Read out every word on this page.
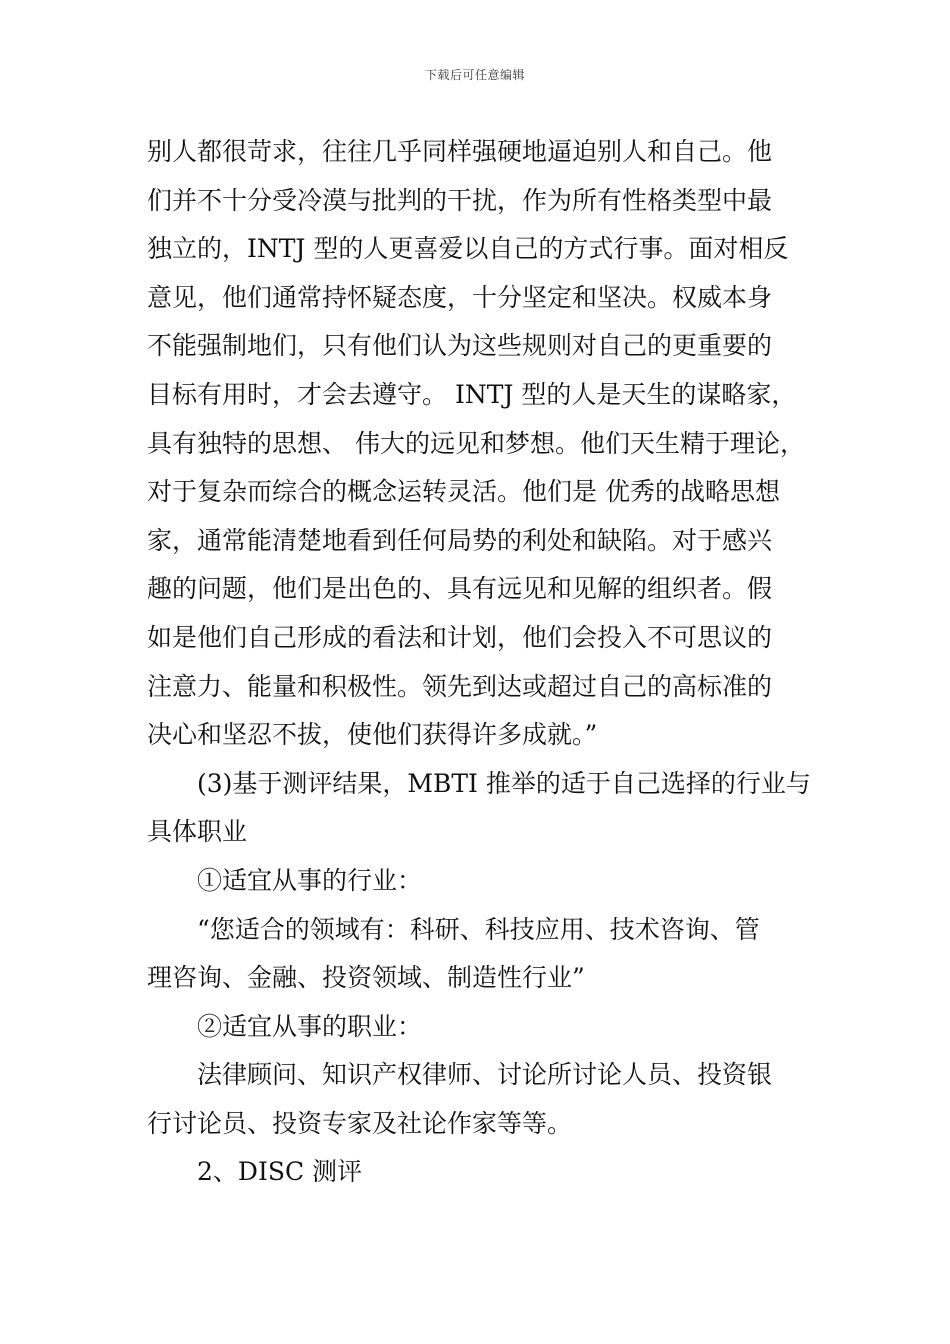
下载后可任意编辑
别人都很苛求，往往几乎同样强硬地逼迫别人和自己。他
们并不十分受冷漠与批判的干扰，作为所有性格类型中最
独立的，INTJ 型的人更喜爱以自己的方式行事。面对相反
意见，他们通常持怀疑态度，十分坚定和坚决。权威本身
不能强制地们，只有他们认为这些规则对自己的更重要的
目标有用时，才会去遵守。 INTJ 型的人是天生的谋略家，
具有独特的思想、 伟大的远见和梦想。他们天生精于理论，
对于复杂而综合的概念运转灵活。他们是 优秀的战略思想
家，通常能清楚地看到任何局势的利处和缺陷。对于感兴
趣的问题，他们是出色的、具有远见和见解的组织者。假
如是他们自己形成的看法和计划，他们会投入不可思议的
注意力、能量和积极性。领先到达或超过自己的高标准的
决心和坚忍不拔，使他们获得许多成就。”
(3)基于测评结果，MBTI 推举的适于自己选择的行业与
具体职业
①适宜从事的行业：
“您适合的领域有：科研、科技应用、技术咨询、管
理咨询、金融、投资领域、制造性行业”
②适宜从事的职业：
法律顾问、知识产权律师、讨论所讨论人员、投资银
行讨论员、投资专家及社论作家等等。
2、DISC 测评
